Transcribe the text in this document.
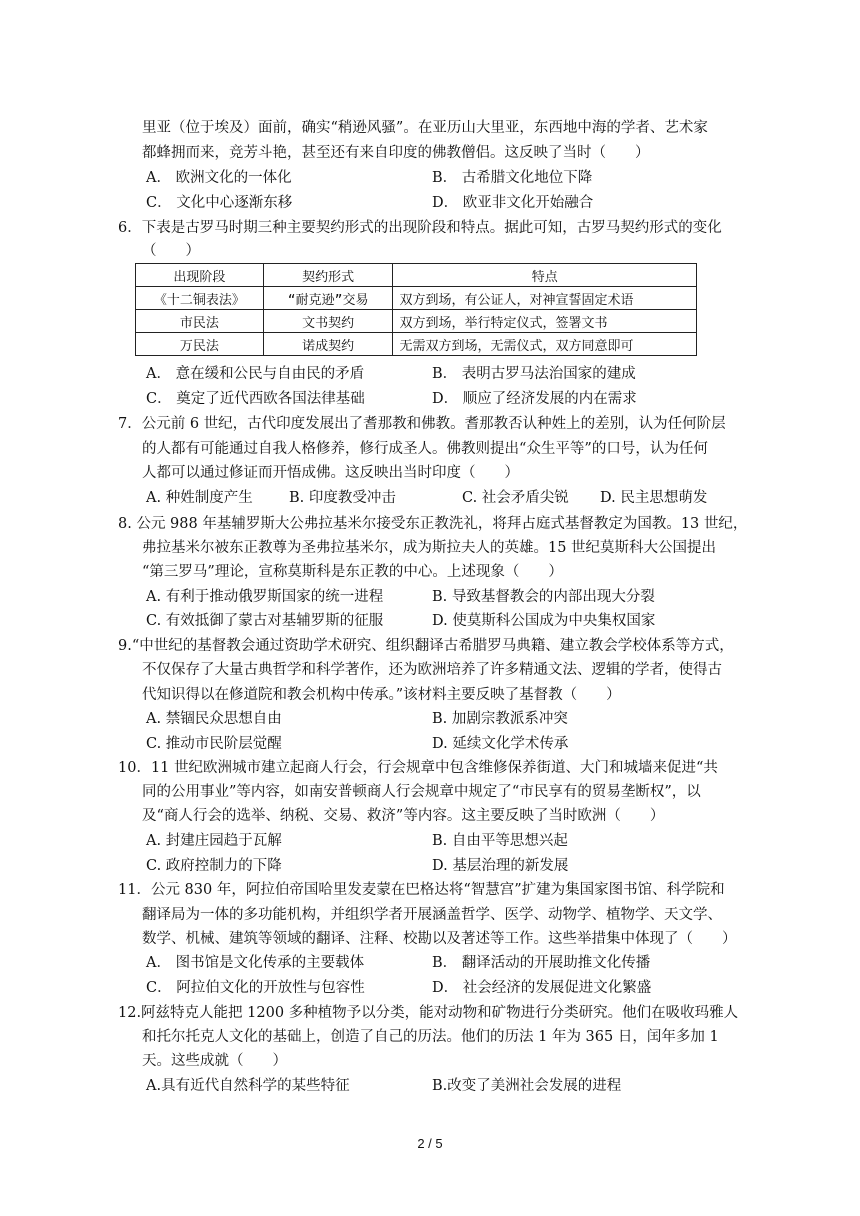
里亚（位于埃及）面前，确实“稍逊风骚”。在亚历山大里亚，东西地中海的学者、艺术家
都蜂拥而来，竞芳斗艳，甚至还有来自印度的佛教僧侣。这反映了当时（　　）
A． 欧洲文化的一体化	B． 古希腊文化地位下降
C． 文化中心逐渐东移	D． 欧亚非文化开始融合
6．下表是古罗马时期三种主要契约形式的出现阶段和特点。据此可知，古罗马契约形式的变化
（　　）
出现阶段	契约形式	特点
《十二铜表法》	“耐克逊”交易	双方到场，有公证人，对神宣誓固定术语
市民法	文书契约	双方到场，举行特定仪式，签署文书
万民法	诺成契约	无需双方到场，无需仪式，双方同意即可
A． 意在缓和公民与自由民的矛盾	B． 表明古罗马法治国家的建成
C． 奠定了近代西欧各国法律基础	D． 顺应了经济发展的内在需求
7．公元前 6 世纪，古代印度发展出了耆那教和佛教。耆那教否认种姓上的差别，认为任何阶层
的人都有可能通过自我人格修养，修行成圣人。佛教则提出“众生平等”的口号，认为任何
人都可以通过修证而开悟成佛。这反映出当时印度（　　）
A. 种姓制度产生	B. 印度教受冲击	C. 社会矛盾尖锐 D. 民主思想萌发
8. 公元 988 年基辅罗斯大公弗拉基米尔接受东正教洗礼，将拜占庭式基督教定为国教。13 世纪，
弗拉基米尔被东正教尊为圣弗拉基米尔，成为斯拉夫人的英雄。15 世纪莫斯科大公国提出
“第三罗马”理论，宣称莫斯科是东正教的中心。上述现象（　　）
A. 有利于推动俄罗斯国家的统一进程	B. 导致基督教会的内部出现大分裂
C. 有效抵御了蒙古对基辅罗斯的征服	D. 使莫斯科公国成为中央集权国家
9.“中世纪的基督教会通过资助学术研究、组织翻译古希腊罗马典籍、建立教会学校体系等方式，
不仅保存了大量古典哲学和科学著作，还为欧洲培养了许多精通文法、逻辑的学者，使得古
代知识得以在修道院和教会机构中传承。”该材料主要反映了基督教（　　）
A. 禁锢民众思想自由	B. 加剧宗教派系冲突
C. 推动市民阶层觉醒	D. 延续文化学术传承
10．11 世纪欧洲城市建立起商人行会，行会规章中包含维修保养街道、大门和城墙来促进“共
同的公用事业”等内容，如南安普顿商人行会规章中规定了“市民享有的贸易垄断权”，以
及“商人行会的选举、纳税、交易、救济”等内容。这主要反映了当时欧洲（　　）
A. 封建庄园趋于瓦解	B. 自由平等思想兴起
C. 政府控制力的下降	D. 基层治理的新发展
11．公元 830 年，阿拉伯帝国哈里发麦蒙在巴格达将“智慧宫”扩建为集国家图书馆、科学院和
翻译局为一体的多功能机构，并组织学者开展涵盖哲学、医学、动物学、植物学、天文学、
数学、机械、建筑等领域的翻译、注释、校勘以及著述等工作。这些举措集中体现了（　　）
A． 图书馆是文化传承的主要载体	B． 翻译活动的开展助推文化传播
C． 阿拉伯文化的开放性与包容性	D． 社会经济的发展促进文化繁盛
12.阿兹特克人能把 1200 多种植物予以分类，能对动物和矿物进行分类研究。他们在吸收玛雅人
和托尔托克人文化的基础上，创造了自己的历法。他们的历法 1 年为 365 日，闰年多加 1
天。这些成就（　　）
A.具有近代自然科学的某些特征	B.改变了美洲社会发展的进程
2 / 5
